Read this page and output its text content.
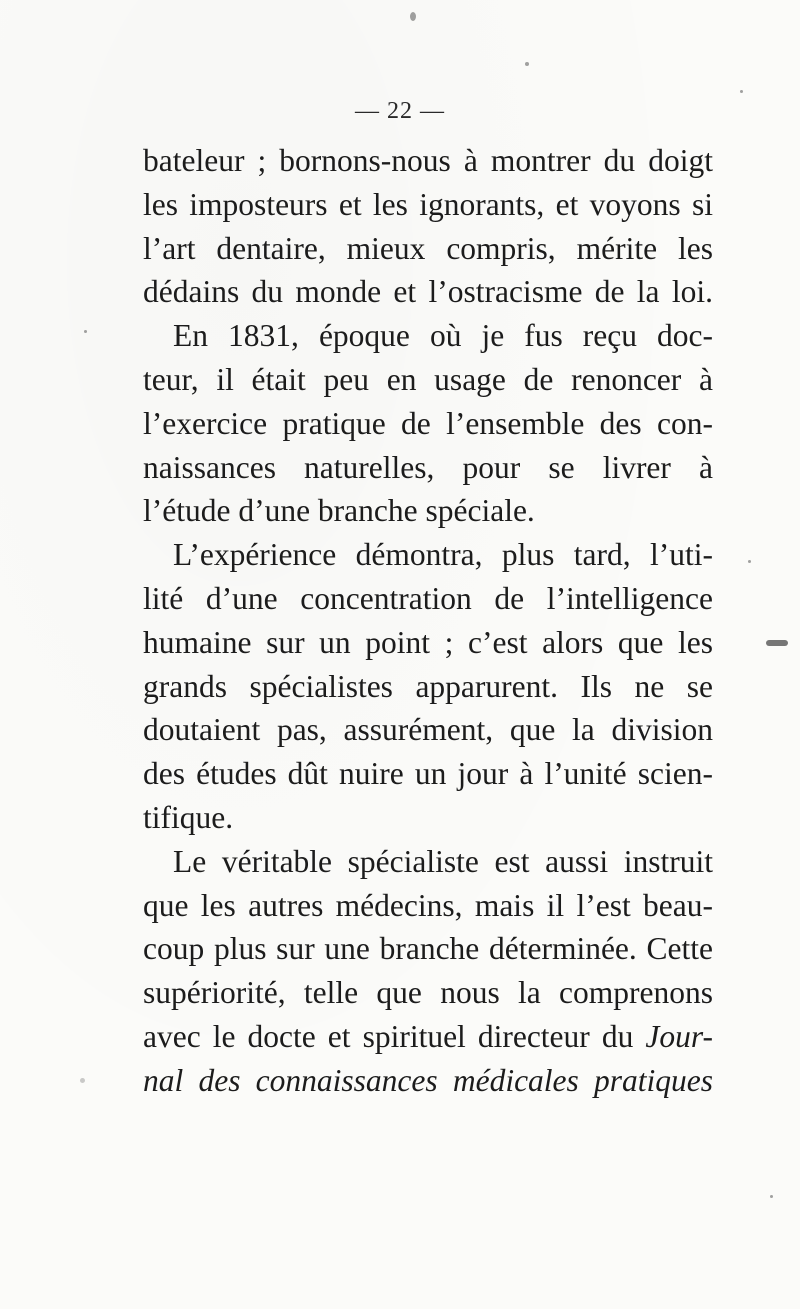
— 22 —
bateleur ; bornons-nous à montrer du doigt
les imposteurs et les ignorants, et voyons si
l’art dentaire, mieux compris, mérite les
dédains du monde et l’ostracisme de la loi.
En 1831, époque où je fus reçu doc-
teur, il était peu en usage de renoncer à
l’exercice pratique de l’ensemble des con-
naissances naturelles, pour se livrer à
l’étude d’une branche spéciale.
L’expérience démontra, plus tard, l’uti-
lité d’une concentration de l’intelligence
humaine sur un point ; c’est alors que les
grands spécialistes apparurent. Ils ne se
doutaient pas, assurément, que la division
des études dût nuire un jour à l’unité scien-
tifique.
Le véritable spécialiste est aussi instruit
que les autres médecins, mais il l’est beau-
coup plus sur une branche déterminée. Cette
supériorité, telle que nous la comprenons
avec le docte et spirituel directeur du Jour-
nal des connaissances médicales pratiques
